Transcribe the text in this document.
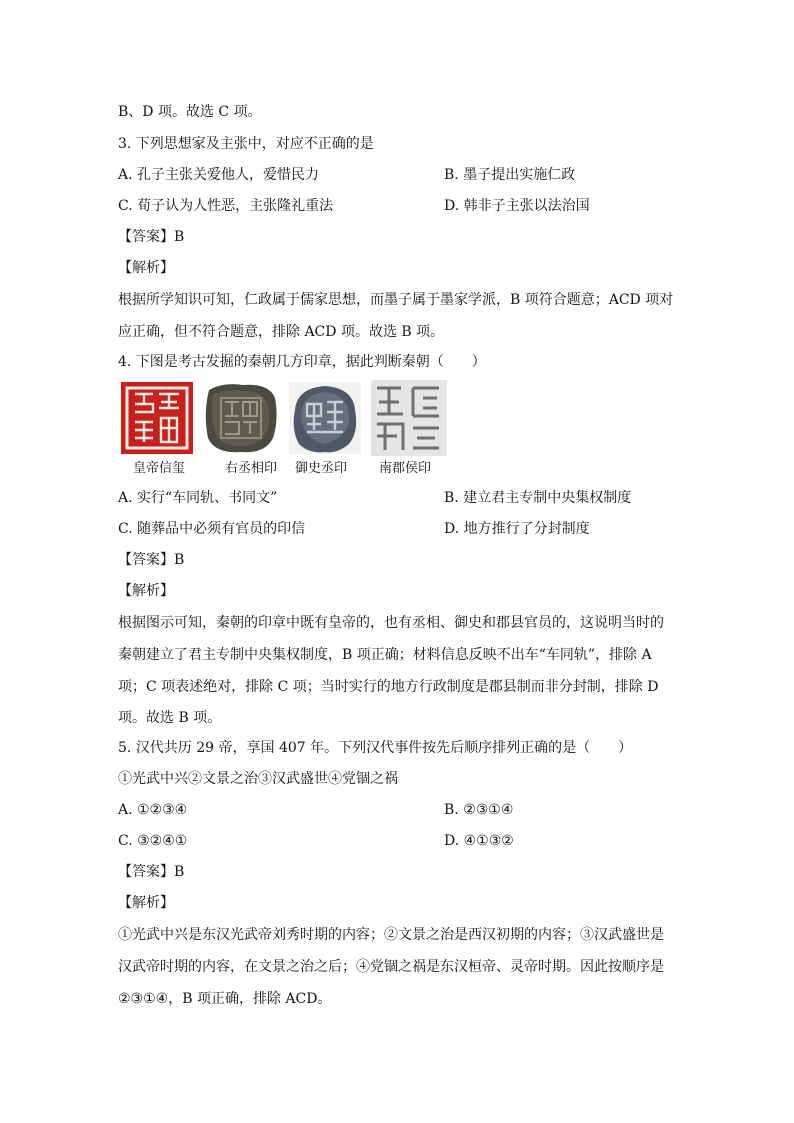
B、D 项。故选 C 项。
3. 下列思想家及主张中，对应不正确的是
A. 孔子主张关爱他人，爱惜民力	B. 墨子提出实施仁政
C. 荀子认为人性恶，主张隆礼重法	D. 韩非子主张以法治国
【答案】B
【解析】
根据所学知识可知，仁政属于儒家思想，而墨子属于墨家学派，B 项符合题意；ACD 项对
应正确，但不符合题意，排除 ACD 项。故选 B 项。
4. 下图是考古发掘的秦朝几方印章，据此判断秦朝（　　）
皇帝信玺	右丞相印 御史丞印 南郡侯印
A. 实行“车同轨、书同文”	B. 建立君主专制中央集权制度
C. 随葬品中必须有官员的印信	D. 地方推行了分封制度
【答案】B
【解析】
根据图示可知，秦朝的印章中既有皇帝的，也有丞相、御史和郡县官员的，这说明当时的
秦朝建立了君主专制中央集权制度，B 项正确；材料信息反映不出车“车同轨”，排除 A
项；C 项表述绝对，排除 C 项；当时实行的地方行政制度是郡县制而非分封制，排除 D
项。故选 B 项。
5. 汉代共历 29 帝，享国 407 年。下列汉代事件按先后顺序排列正确的是（　　）
①光武中兴②文景之治③汉武盛世④党锢之祸
A. ①②③④	B. ②③①④
C. ③②④①	D. ④①③②
【答案】B
【解析】
①光武中兴是东汉光武帝刘秀时期的内容；②文景之治是西汉初期的内容；③汉武盛世是
汉武帝时期的内容，在文景之治之后；④党锢之祸是东汉桓帝、灵帝时期。因此按顺序是
②③①④，B 项正确，排除 ACD。
